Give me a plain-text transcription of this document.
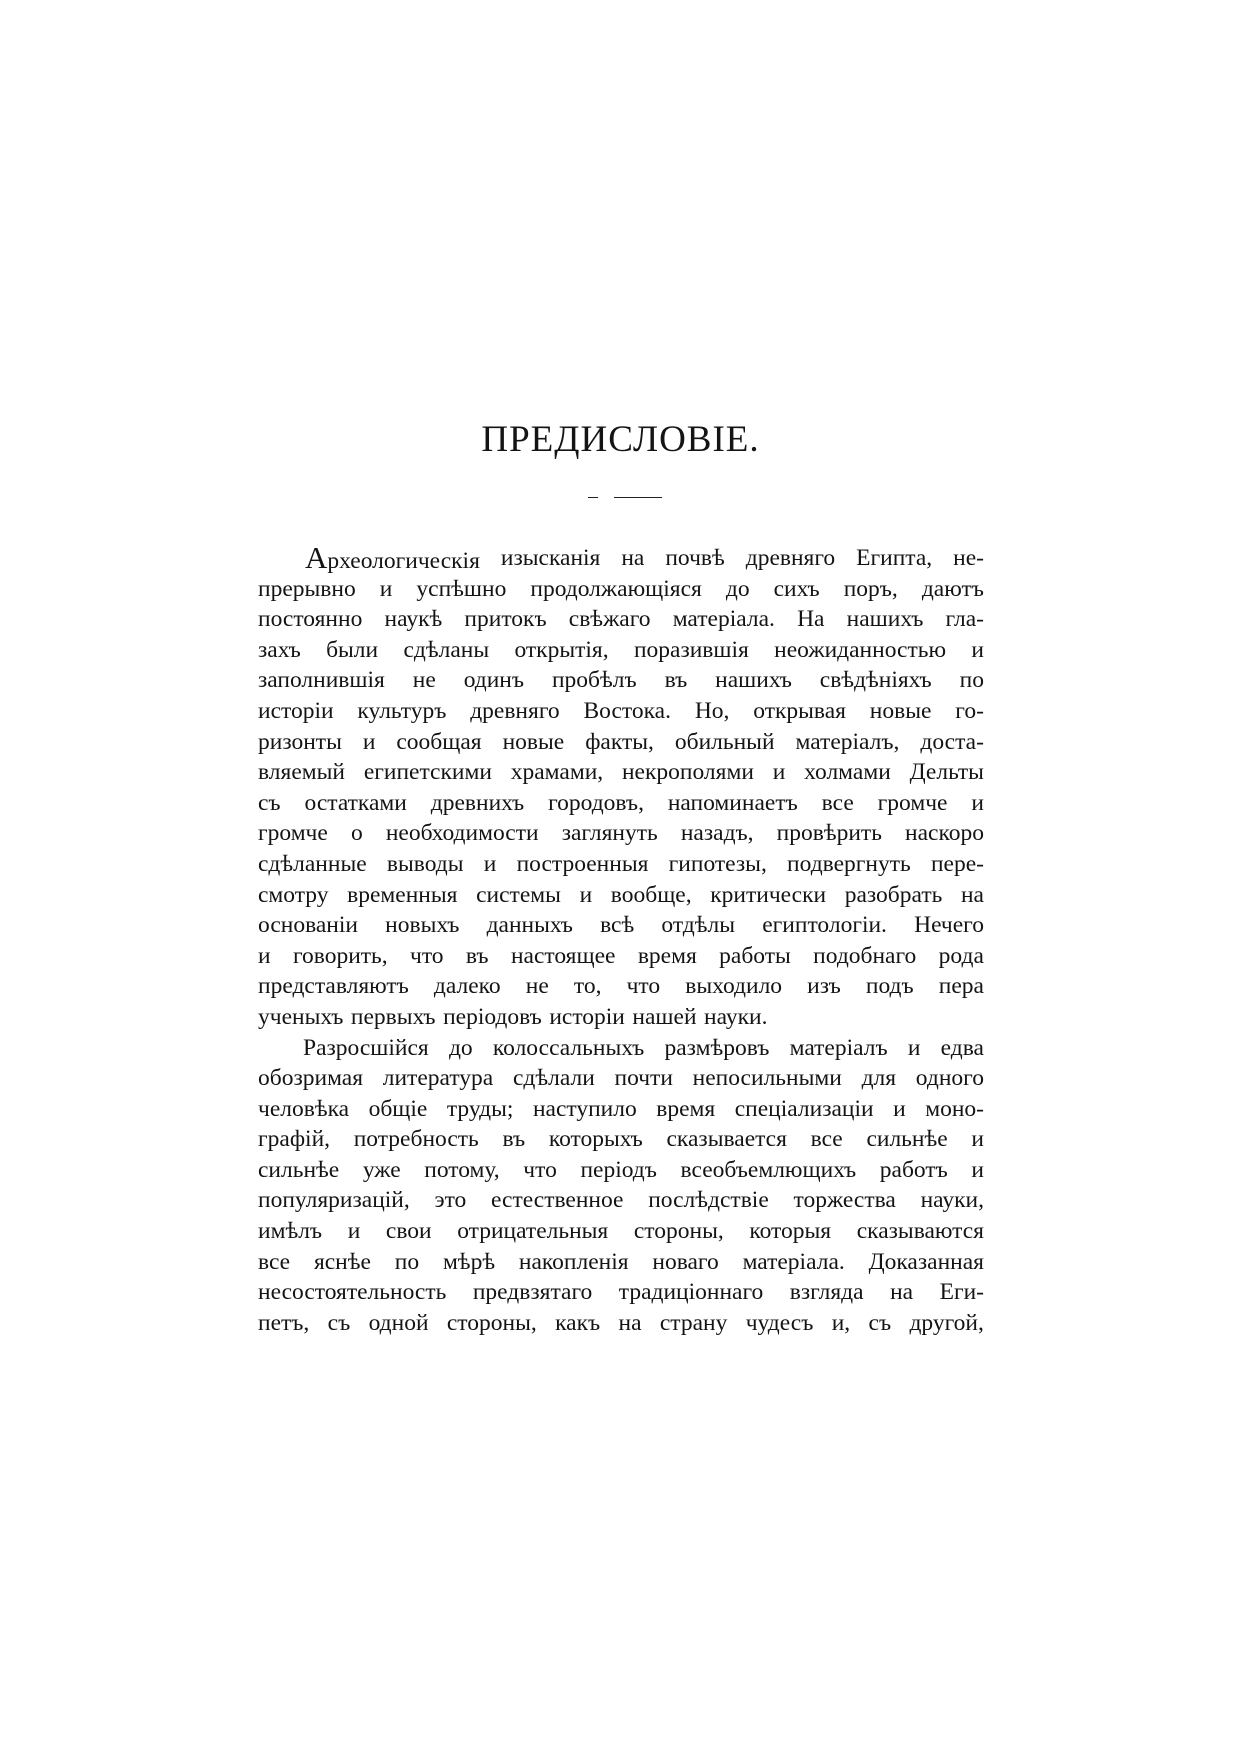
ПРЕДИСЛОВІЕ.
Археологическія изысканія на почвѣ древняго Египта, не-
прерывно и успѣшно продолжающіяся до сихъ поръ, даютъ
постоянно наукѣ притокъ свѣжаго матеріала. На нашихъ гла-
захъ были сдѣланы открытія, поразившія неожиданностью и
заполнившія не одинъ пробѣлъ въ нашихъ свѣдѣніяхъ по
исторіи культуръ древняго Востока. Но, открывая новые го-
ризонты и сообщая новые факты, обильный матеріалъ, доста-
вляемый египетскими храмами, некрополями и холмами Дельты
съ остатками древнихъ городовъ, напоминаетъ все громче и
громче о необходимости заглянуть назадъ, провѣрить наскоро
сдѣланные выводы и построенныя гипотезы, подвергнуть пере-
смотру временныя системы и вообще, критически разобрать на
основаніи новыхъ данныхъ всѣ отдѣлы египтологіи. Нечего
и говорить, что въ настоящее время работы подобнаго рода
представляютъ далеко не то, что выходило изъ подъ пера
ученыхъ первыхъ періодовъ исторіи нашей науки.
Разросшійся до колоссальныхъ размѣровъ матеріалъ и едва
обозримая литература сдѣлали почти непосильными для одного
человѣка общіе труды; наступило время спеціализаціи и моно-
графій, потребность въ которыхъ сказывается все сильнѣе и
сильнѣе уже потому, что періодъ всеобъемлющихъ работъ и
популяризацій, это естественное послѣдствіе торжества науки,
имѣлъ и свои отрицательныя стороны, которыя сказываются
все яснѣе по мѣрѣ накопленія новаго матеріала. Доказанная
несостоятельность предвзятаго традиціоннаго взгляда на Еги-
петъ, съ одной стороны, какъ на страну чудесъ и, съ другой,
